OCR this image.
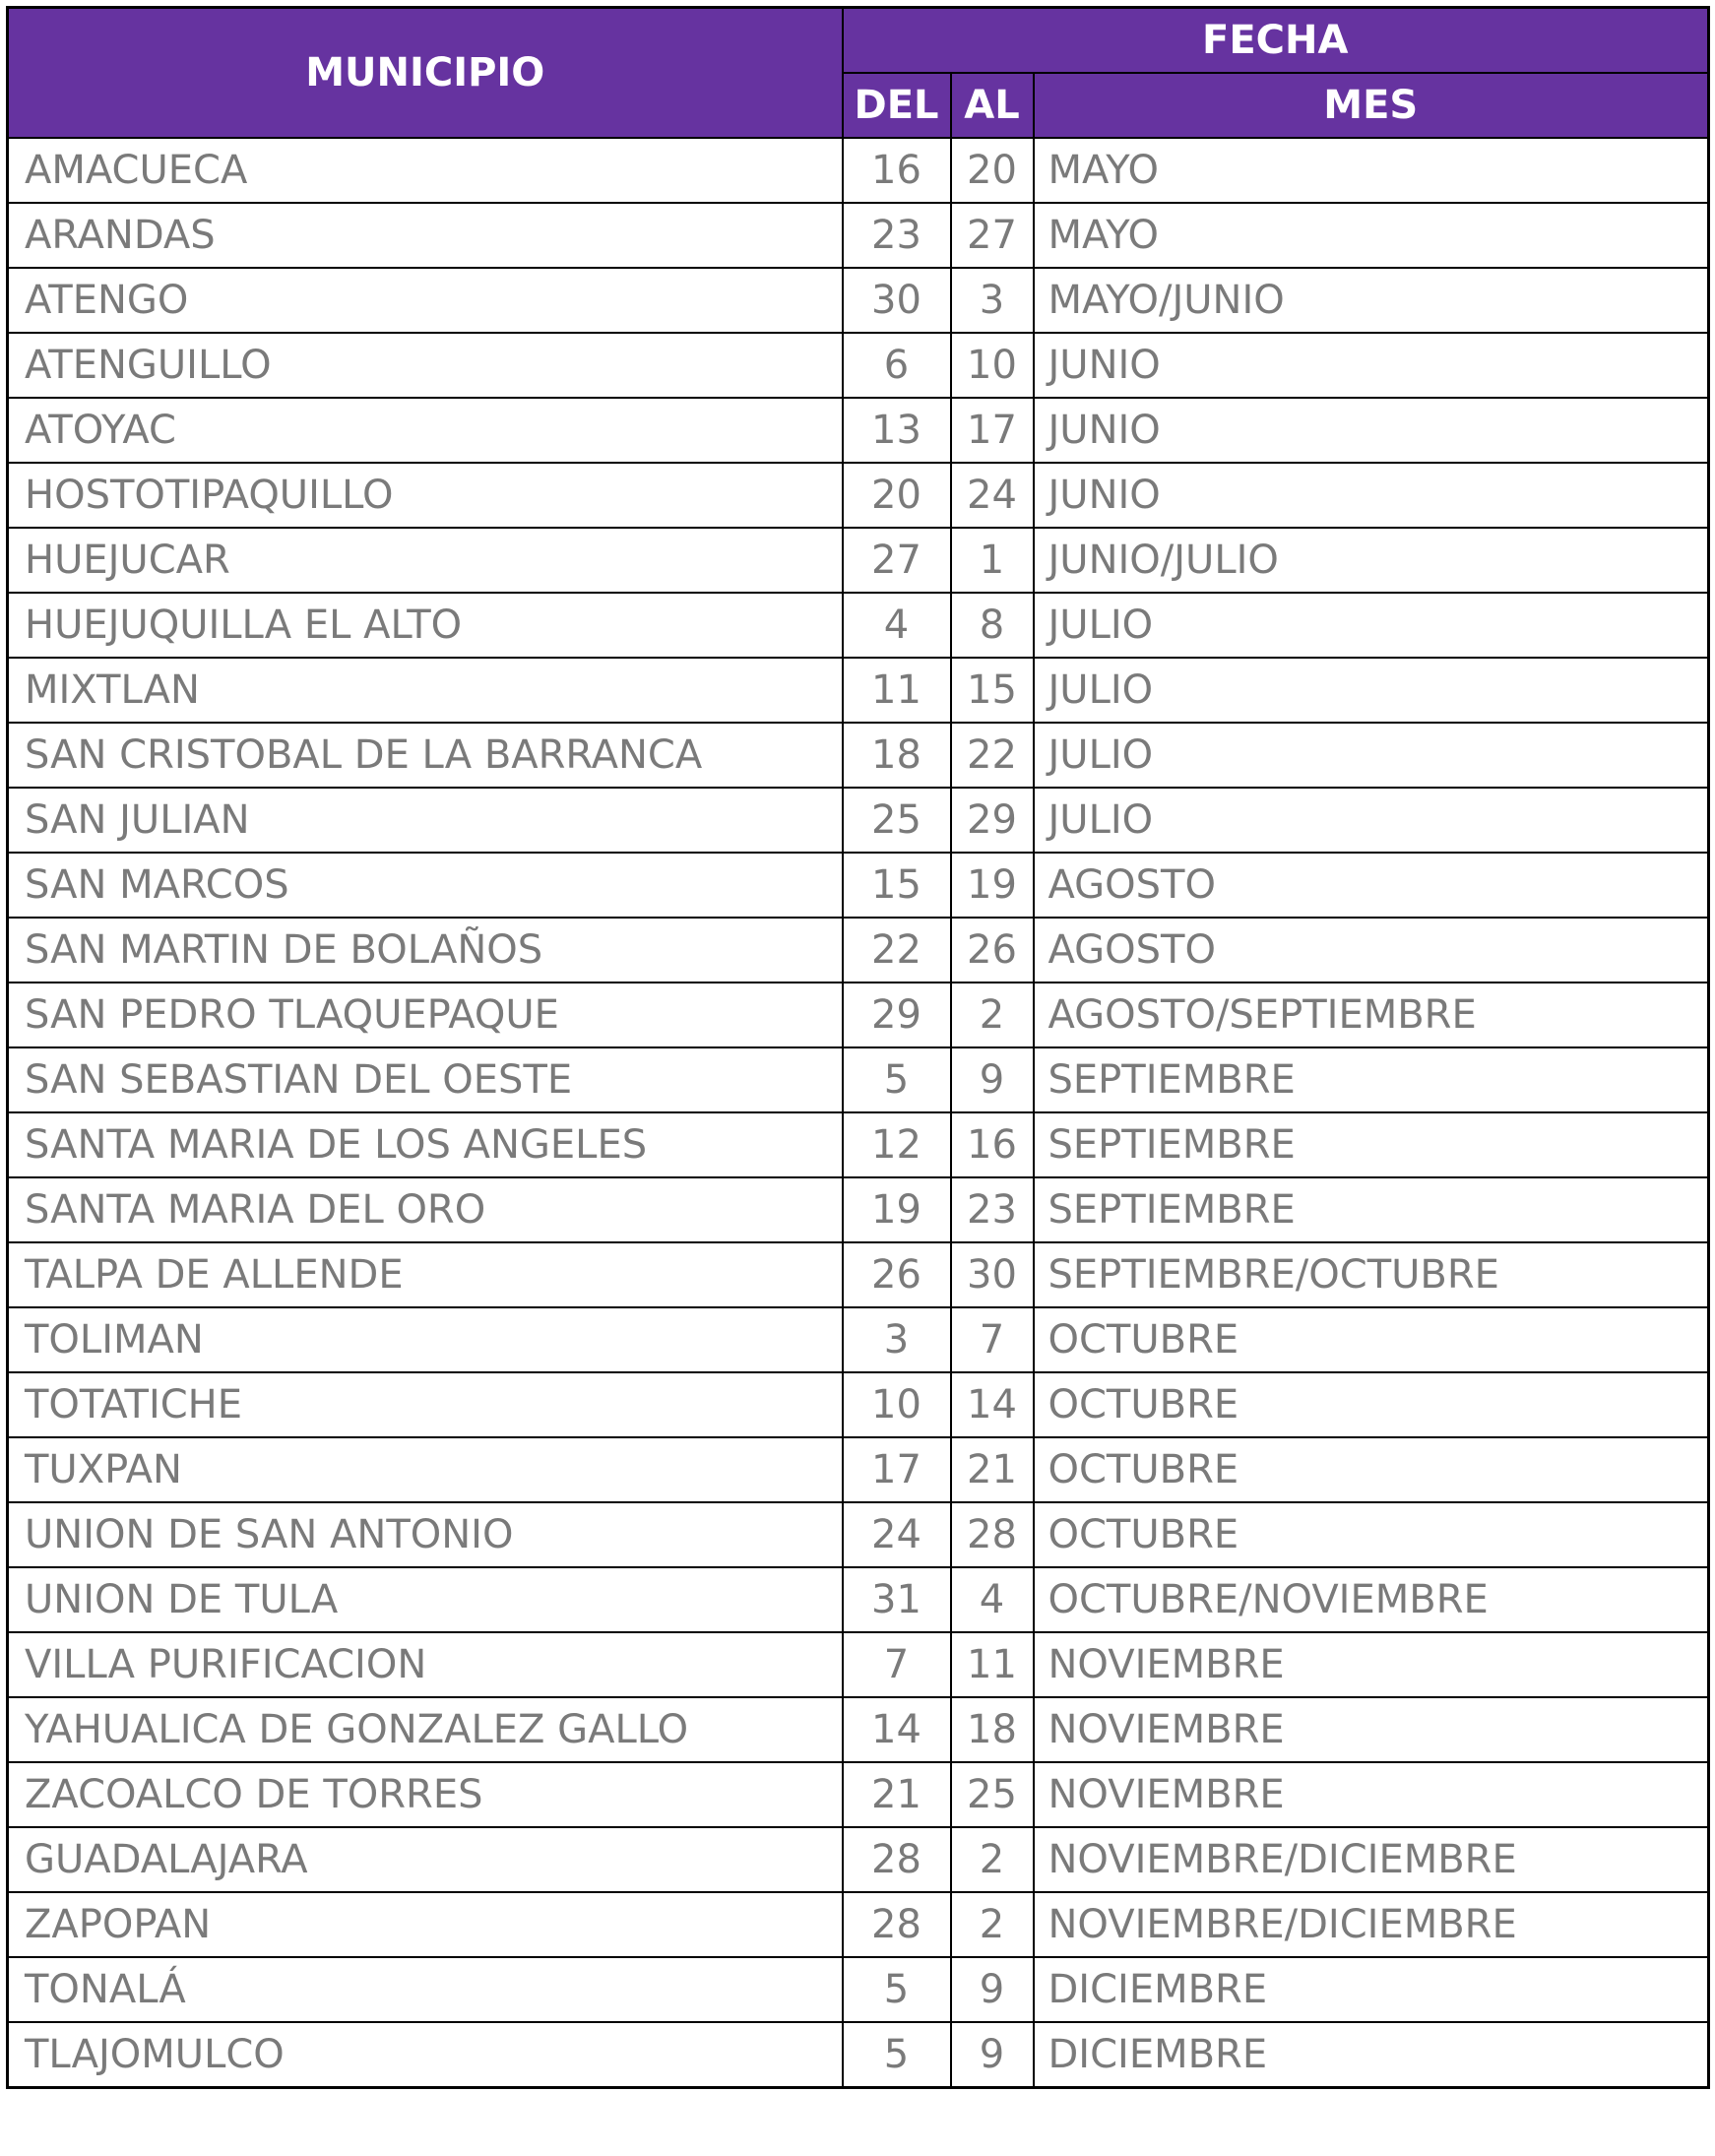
MUNICIPIO	FECHA		
	DEL	AL	MES
AMACUECA	16	20	MAYO
ARANDAS	23	27	MAYO
ATENGO	30	3	MAYO/JUNIO
ATENGUILLO	6	10	JUNIO
ATOYAC	13	17	JUNIO
HOSTOTIPAQUILLO	20	24	JUNIO
HUEJUCAR	27	1	JUNIO/JULIO
HUEJUQUILLA EL ALTO	4	8	JULIO
MIXTLAN	11	15	JULIO
SAN CRISTOBAL DE LA BARRANCA	18	22	JULIO
SAN JULIAN	25	29	JULIO
SAN MARCOS	15	19	AGOSTO
SAN MARTIN DE BOLAÑOS	22	26	AGOSTO
SAN PEDRO TLAQUEPAQUE	29	2	AGOSTO/SEPTIEMBRE
SAN SEBASTIAN DEL OESTE	5	9	SEPTIEMBRE
SANTA MARIA DE LOS ANGELES	12	16	SEPTIEMBRE
SANTA MARIA DEL ORO	19	23	SEPTIEMBRE
TALPA DE ALLENDE	26	30	SEPTIEMBRE/OCTUBRE
TOLIMAN	3	7	OCTUBRE
TOTATICHE	10	14	OCTUBRE
TUXPAN	17	21	OCTUBRE
UNION DE SAN ANTONIO	24	28	OCTUBRE
UNION DE TULA	31	4	OCTUBRE/NOVIEMBRE
VILLA PURIFICACION	7	11	NOVIEMBRE
YAHUALICA DE GONZALEZ GALLO	14	18	NOVIEMBRE
ZACOALCO DE TORRES	21	25	NOVIEMBRE
GUADALAJARA	28	2	NOVIEMBRE/DICIEMBRE
ZAPOPAN	28	2	NOVIEMBRE/DICIEMBRE
TONALÁ	5	9	DICIEMBRE
TLAJOMULCO	5	9	DICIEMBRE
